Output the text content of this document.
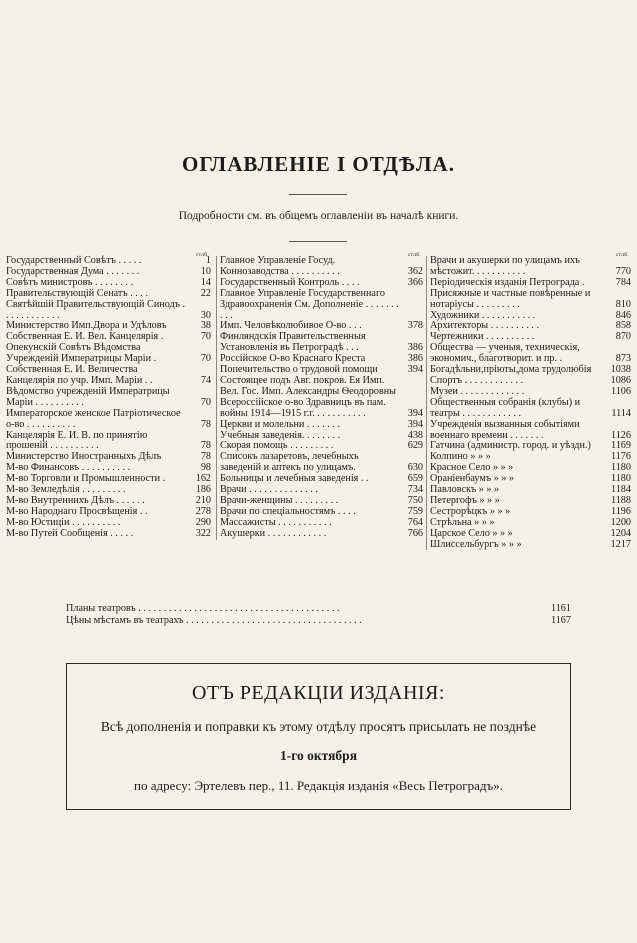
ОГЛАВЛЕНІЕ I ОТДѢЛА.
Подробности см. въ общемъ оглавленіи въ началѣ книги.
стлб.
Государственный Совѣтъ . . . . .	1
Государственная Дума . . . . . . .	10
Совѣтъ министровъ . . . . . . . .	14
Правительствующій Сенатъ . . . .	22
Святѣйшій Правительствующій Синодъ . . . . . . . . . . . .	30
Министерство Имп.Двора и Удѣловъ	38
Собственная Е. И. Вел. Канцелярія .	70
Опекунскій Совѣтъ Вѣдомства Учрежденій Императрицы Маріи .	70
Собственная Е. И. Величества Канцелярія по учр. Имп. Маріи . .	74
Вѣдомство учрежденій Императрицы Маріи . . . . . . . . . .	70
Императорское женское Патріотическое о-во . . . . . . . . . .	78
Канцелярія Е. И. В. по принятію прошеній . . . . . . . . . .	78
Министерство Иностранныхъ Дѣлъ	78
М-во Финансовъ . . . . . . . . . .	98
М-во Торговли и Промышленности .	162
М-во Земледѣлія . . . . . . . . .	186
М-во Внутреннихъ Дѣлъ . . . . . .	210
М-во Народнаго Просвѣщенія . .	278
М-во Юстиціи . . . . . . . . . .	290
М-во Путей Сообщенія . . . . .	322
стлб.
Главное Управленіе Госуд. Коннозаводства . . . . . . . . . .	362
Государственный Контроль . . . .	366
Главное Управленіе Государственнаго Здравоохраненія См. Дополненіе . . . . . . . . . .
Имп. Человѣколюбивое О-во . . .	378
Финляндскія Правительственныя Установленія въ Петроградѣ . . .	386
Россійское О-во Краснаго Креста	386
Попечительство о трудовой помощи	394
Состоящее подъ Авг. покров. Ея Имп. Вел. Гос. Имп. Александры Ѳеодоровны Всероссійское о-во Здравницъ въ пам. войны 1914—1915 г.г. . . . . . . . . . .	394
Церкви и молельни . . . . . . .	394
Учебныя заведенія. . . . . . . .	438
Скорая помощь . . . . . . . . .	629
Списокъ лазаретовъ, лечебныхъ заведеній и аптекъ по улицамъ.	630
Больницы и лечебныя заведенія . .	659
Врачи . . . . . . . . . . . . . .	734
Врачи-женщины . . . . . . . . .	750
Врачи по спеціальностямъ . . . .	759
Массажисты . . . . . . . . . . .	764
Акушерки . . . . . . . . . . . .	766
стлб.
Врачи и акушерки по улицамъ ихъ мѣстожит. . . . . . . . . . .	770
Періодическія изданія Петрограда .	784
Присяжные и частные повѣренные и нотаріусы . . . . . . . . .	810
Художники . . . . . . . . . . .	846
Архитекторы . . . . . . . . . .	858
Чертежники . . . . . . . . . .	870
Общества — ученыя, техническія, экономич., благотворит. и пр. .	873
Богадѣльни,пріюты,дома трудолюбія 1038
Спортъ . . . . . . . . . . . .	1086
Музеи . . . . . . . . . . . . .	1106
Общественныя собранія (клубы) и театры . . . . . . . . . . . .	1114
Учрежденія вызванныя событіями военнаго времени . . . . . . .	1126
Гатчина (администр. город. и уѣздн.) 1169
Колпино » » »	1176
Красное Село » » »	1180
Ораніенбаумъ » » »	1180
Павловскъ » » »	1184
Петергофъ » » »	1188
Сестрорѣцкъ » » »	1196
Стрѣльна » » »	1200
Царское Село » » »	1204
Шлиссельбургъ » » »	1217
Планы театровъ . . . . . . . . . . . . . . . . . . . . . . . . . . . . . . . . . . . . . . . .	1161
Цѣны мѣстамъ въ театрахъ . . . . . . . . . . . . . . . . . . . . . . . . . . . . . . . . . . .	1167
ОТЪ РЕДАКЦІИ ИЗДАНІЯ:
Всѣ дополненія и поправки къ этому отдѣлу просятъ присылать не позднѣе
1-го октября
по адресу: Эртелевъ пер., 11. Редакція изданія «Весь Петроградъ».
